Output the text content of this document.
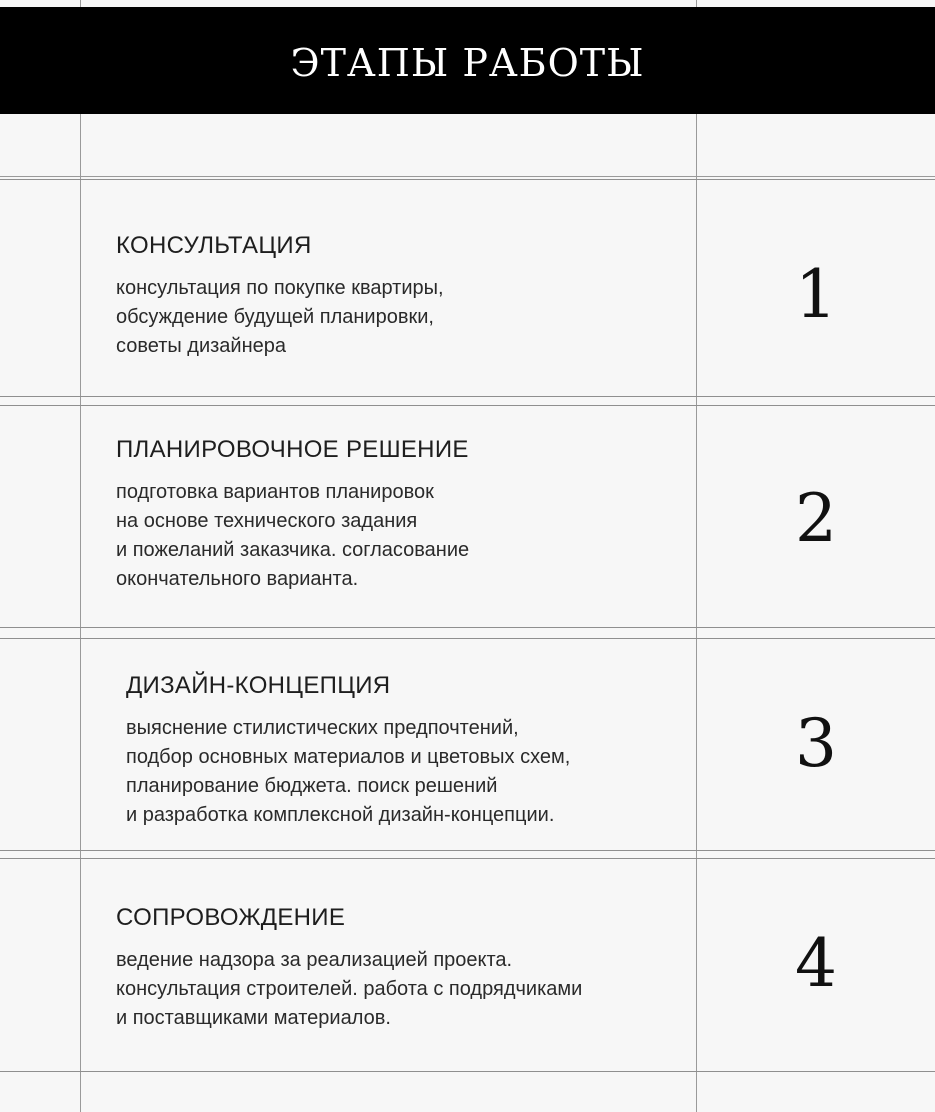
ЭТАПЫ РАБОТЫ
КОНСУЛЬТАЦИЯ
консультация по покупке квартиры,
обсуждение будущей планировки,
советы дизайнера
1
ПЛАНИРОВОЧНОЕ РЕШЕНИЕ
подготовка вариантов планировок
на основе технического задания
и пожеланий заказчика. согласование
окончательного варианта.
2
ДИЗАЙН-КОНЦЕПЦИЯ
выяснение стилистических предпочтений,
подбор основных материалов и цветовых схем,
планирование бюджета. поиск решений
и разработка комплексной дизайн-концепции.
3
СОПРОВОЖДЕНИЕ
ведение надзора за реализацией проекта.
консультация строителей. работа с подрядчиками
и поставщиками материалов.
4
